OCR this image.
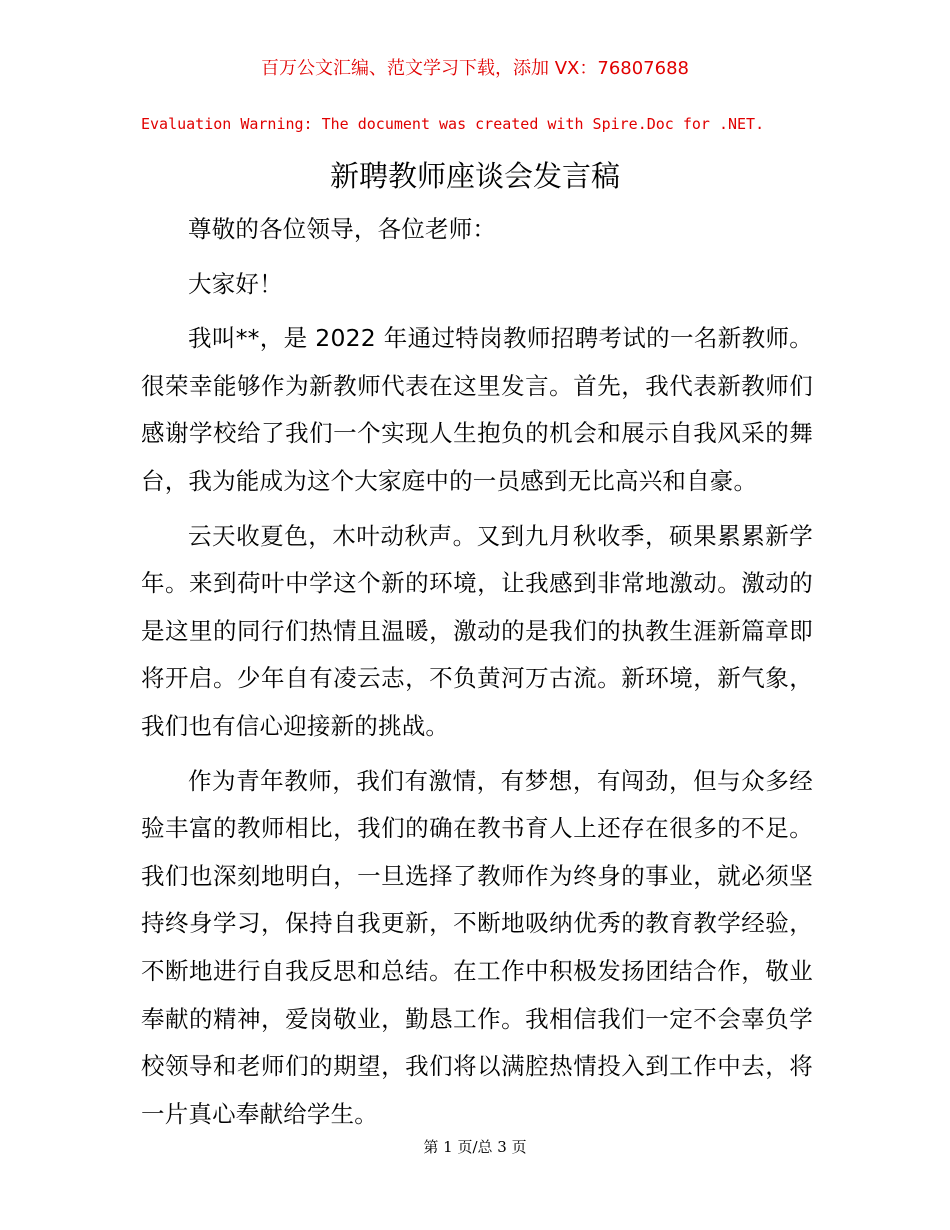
百万公文汇编、范文学习下载，添加 VX：76807688
Evaluation Warning: The document was created with Spire.Doc for .NET.
新聘教师座谈会发言稿

尊敬的各位领导，各位老师：

大家好！

我叫**，是 2022 年通过特岗教师招聘考试的一名新教师。很荣幸能够作为新教师代表在这里发言。首先，我代表新教师们感谢学校给了我们一个实现人生抱负的机会和展示自我风采的舞台，我为能成为这个大家庭中的一员感到无比高兴和自豪。

云天收夏色，木叶动秋声。又到九月秋收季，硕果累累新学年。来到荷叶中学这个新的环境，让我感到非常地激动。激动的是这里的同行们热情且温暖，激动的是我们的执教生涯新篇章即将开启。少年自有凌云志，不负黄河万古流。新环境，新气象，我们也有信心迎接新的挑战。

作为青年教师，我们有激情，有梦想，有闯劲，但与众多经验丰富的教师相比，我们的确在教书育人上还存在很多的不足。我们也深刻地明白，一旦选择了教师作为终身的事业，就必须坚持终身学习，保持自我更新，不断地吸纳优秀的教育教学经验，不断地进行自我反思和总结。在工作中积极发扬团结合作，敬业奉献的精神，爱岗敬业，勤恳工作。我相信我们一定不会辜负学校领导和老师们的期望，我们将以满腔热情投入到工作中去，将一片真心奉献给学生。

第 1 页/总 3 页
